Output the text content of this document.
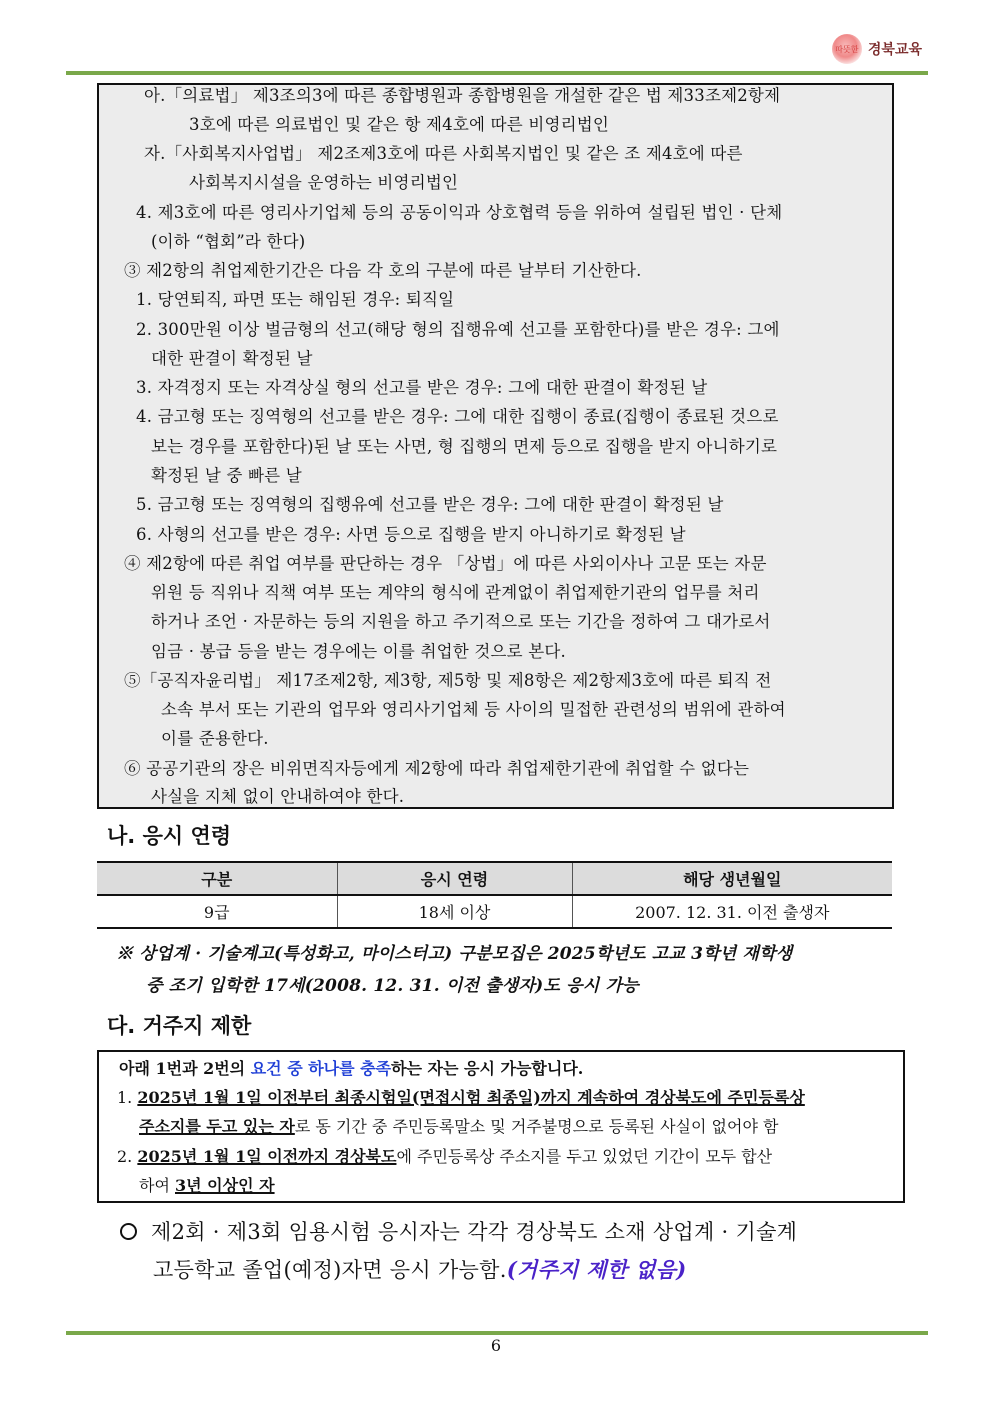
따뜻한 경북교육
아.「의료법」 제3조의3에 따른 종합병원과 종합병원을 개설한 같은 법 제33조제2항제
3호에 따른 의료법인 및 같은 항 제4호에 따른 비영리법인
자.「사회복지사업법」 제2조제3호에 따른 사회복지법인 및 같은 조 제4호에 따른
사회복지시설을 운영하는 비영리법인
4. 제3호에 따른 영리사기업체 등의 공동이익과 상호협력 등을 위하여 설립된 법인 · 단체
(이하 “협회”라 한다)
③ 제2항의 취업제한기간은 다음 각 호의 구분에 따른 날부터 기산한다.
1. 당연퇴직, 파면 또는 해임된 경우: 퇴직일
2. 300만원 이상 벌금형의 선고(해당 형의 집행유예 선고를 포함한다)를 받은 경우: 그에
대한 판결이 확정된 날
3. 자격정지 또는 자격상실 형의 선고를 받은 경우: 그에 대한 판결이 확정된 날
4. 금고형 또는 징역형의 선고를 받은 경우: 그에 대한 집행이 종료(집행이 종료된 것으로
보는 경우를 포함한다)된 날 또는 사면, 형 집행의 면제 등으로 집행을 받지 아니하기로
확정된 날 중 빠른 날
5. 금고형 또는 징역형의 집행유예 선고를 받은 경우: 그에 대한 판결이 확정된 날
6. 사형의 선고를 받은 경우: 사면 등으로 집행을 받지 아니하기로 확정된 날
④ 제2항에 따른 취업 여부를 판단하는 경우 「상법」에 따른 사외이사나 고문 또는 자문
위원 등 직위나 직책 여부 또는 계약의 형식에 관계없이 취업제한기관의 업무를 처리
하거나 조언 · 자문하는 등의 지원을 하고 주기적으로 또는 기간을 정하여 그 대가로서
임금 · 봉급 등을 받는 경우에는 이를 취업한 것으로 본다.
⑤「공직자윤리법」 제17조제2항, 제3항, 제5항 및 제8항은 제2항제3호에 따른 퇴직 전
소속 부서 또는 기관의 업무와 영리사기업체 등 사이의 밀접한 관련성의 범위에 관하여
이를 준용한다.
⑥ 공공기관의 장은 비위면직자등에게 제2항에 따라 취업제한기관에 취업할 수 없다는
사실을 지체 없이 안내하여야 한다.
나. 응시 연령
구분	응시 연령	해당 생년월일
9급	18세 이상	2007. 12. 31. 이전 출생자
※ 상업계 · 기술계고(특성화고, 마이스터고) 구분모집은 2025학년도 고교 3학년 재학생
중 조기 입학한 17세(2008. 12. 31. 이전 출생자)도 응시 가능
다. 거주지 제한
아래 1번과 2번의 요건 중 하나를 충족하는 자는 응시 가능합니다.
1. 2025년 1월 1일 이전부터 최종시험일(면접시험 최종일)까지 계속하여 경상북도에 주민등록상
주소지를 두고 있는 자로 동 기간 중 주민등록말소 및 거주불명으로 등록된 사실이 없어야 함
2. 2025년 1월 1일 이전까지 경상북도에 주민등록상 주소지를 두고 있었던 기간이 모두 합산
하여 3년 이상인 자
제2회 · 제3회 임용시험 응시자는 각각 경상북도 소재 상업계 · 기술계
고등학교 졸업(예정)자면 응시 가능함.(거주지 제한 없음)
6
